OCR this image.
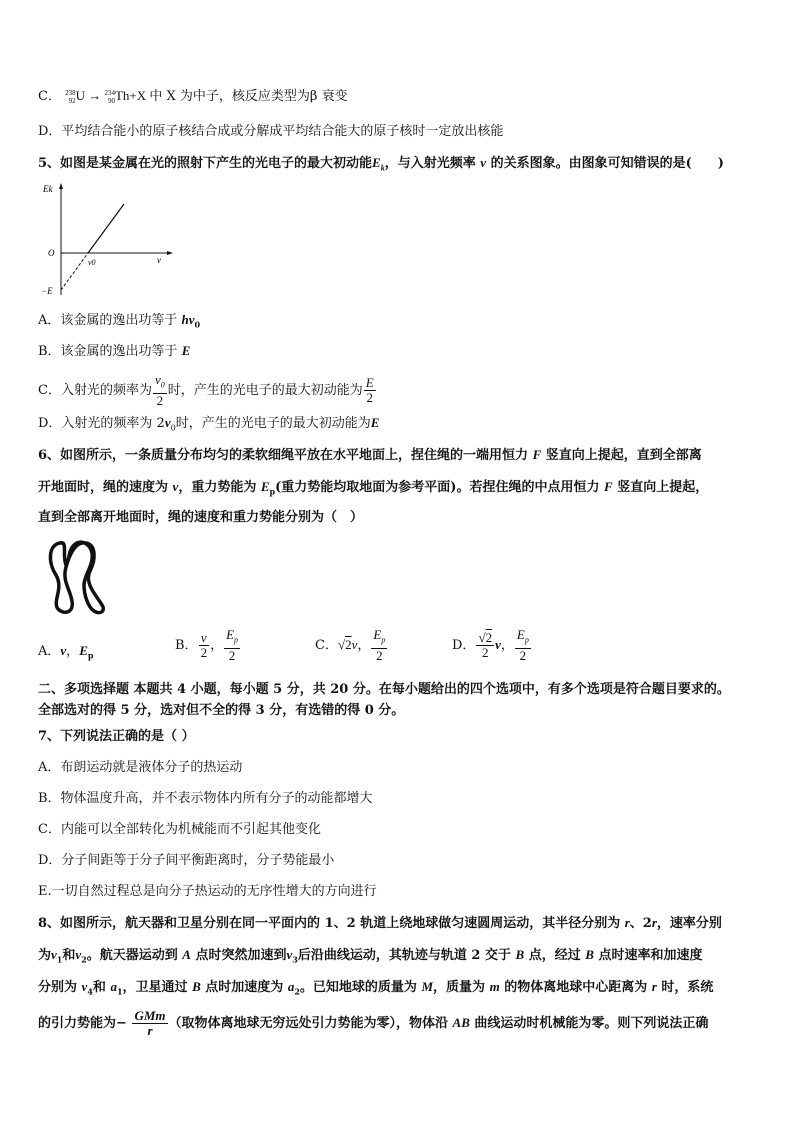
C． 238
92U → 234
90Th+X 中 X 为中子，核反应类型为β 衰变
D．平均结合能小的原子核结合成或分解成平均结合能大的原子核时一定放出核能
5、如图是某金属在光的照射下产生的光电子的最大初动能$E_k$，与入射光频率 ν 的关系图象。由图象可知错误的是(　　)
Ek
O
ν0	ν
−E
A．该金属的逸出功等于 $h\nu_0$
B．该金属的逸出功等于 E
C．入射光的频率为 $\frac{\nu_0}{2}$ 时，产生的光电子的最大初动能为 $\frac{E}{2}$
D．入射光的频率为 $2\nu_0$时，产生的光电子的最大初动能为E
6、如图所示，一条质量分布均匀的柔软细绳平放在水平地面上，捏住绳的一端用恒力 F 竖直向上提起，直到全部离
开地面时，绳的速度为 v，重力势能为 $E_p$(重力势能均取地面为参考平面)。若捏住绳的中点用恒力 F 竖直向上提起，
直到全部离开地面时，绳的速度和重力势能分别为（　）
A．v，$E_p$
B． $\frac{v}{2}$ ， $\frac{E_p}{2}$	C．√2v， $\frac{E_p}{2}$	D． $\frac{√2}{2}$ v， $\frac{E_p}{2}$
二、多项选择题 本题共 4 小题，每小题 5 分，共 20 分。在每小题给出的四个选项中，有多个选项是符合题目要求的。
全部选对的得 5 分，选对但不全的得 3 分，有选错的得 0 分。
7、下列说法正确的是（ ）
A．布朗运动就是液体分子的热运动
B．物体温度升高，并不表示物体内所有分子的动能都增大
C．内能可以全部转化为机械能而不引起其他变化
D．分子间距等于分子间平衡距离时，分子势能最小
E.一切自然过程总是向分子热运动的无序性增大的方向进行
8、如图所示，航天器和卫星分别在同一平面内的 1、2 轨道上绕地球做匀速圆周运动，其半径分别为 r、2r，速率分别
为$v_1$和$v_2$。航天器运动到 A 点时突然加速到$v_3$后沿曲线运动，其轨迹与轨道 2 交于 B 点，经过 B 点时速率和加速度
分别为 $v_4$和 $a_1$，卫星通过 B 点时加速度为 $a_2$。已知地球的质量为 M，质量为 m 的物体离地球中心距离为 r 时，系统
的引力势能为− $\frac{\text{GMm}}{r}$ （取物体离地球无穷远处引力势能为零），物体沿 AB 曲线运动时机械能为零。则下列说法正确
